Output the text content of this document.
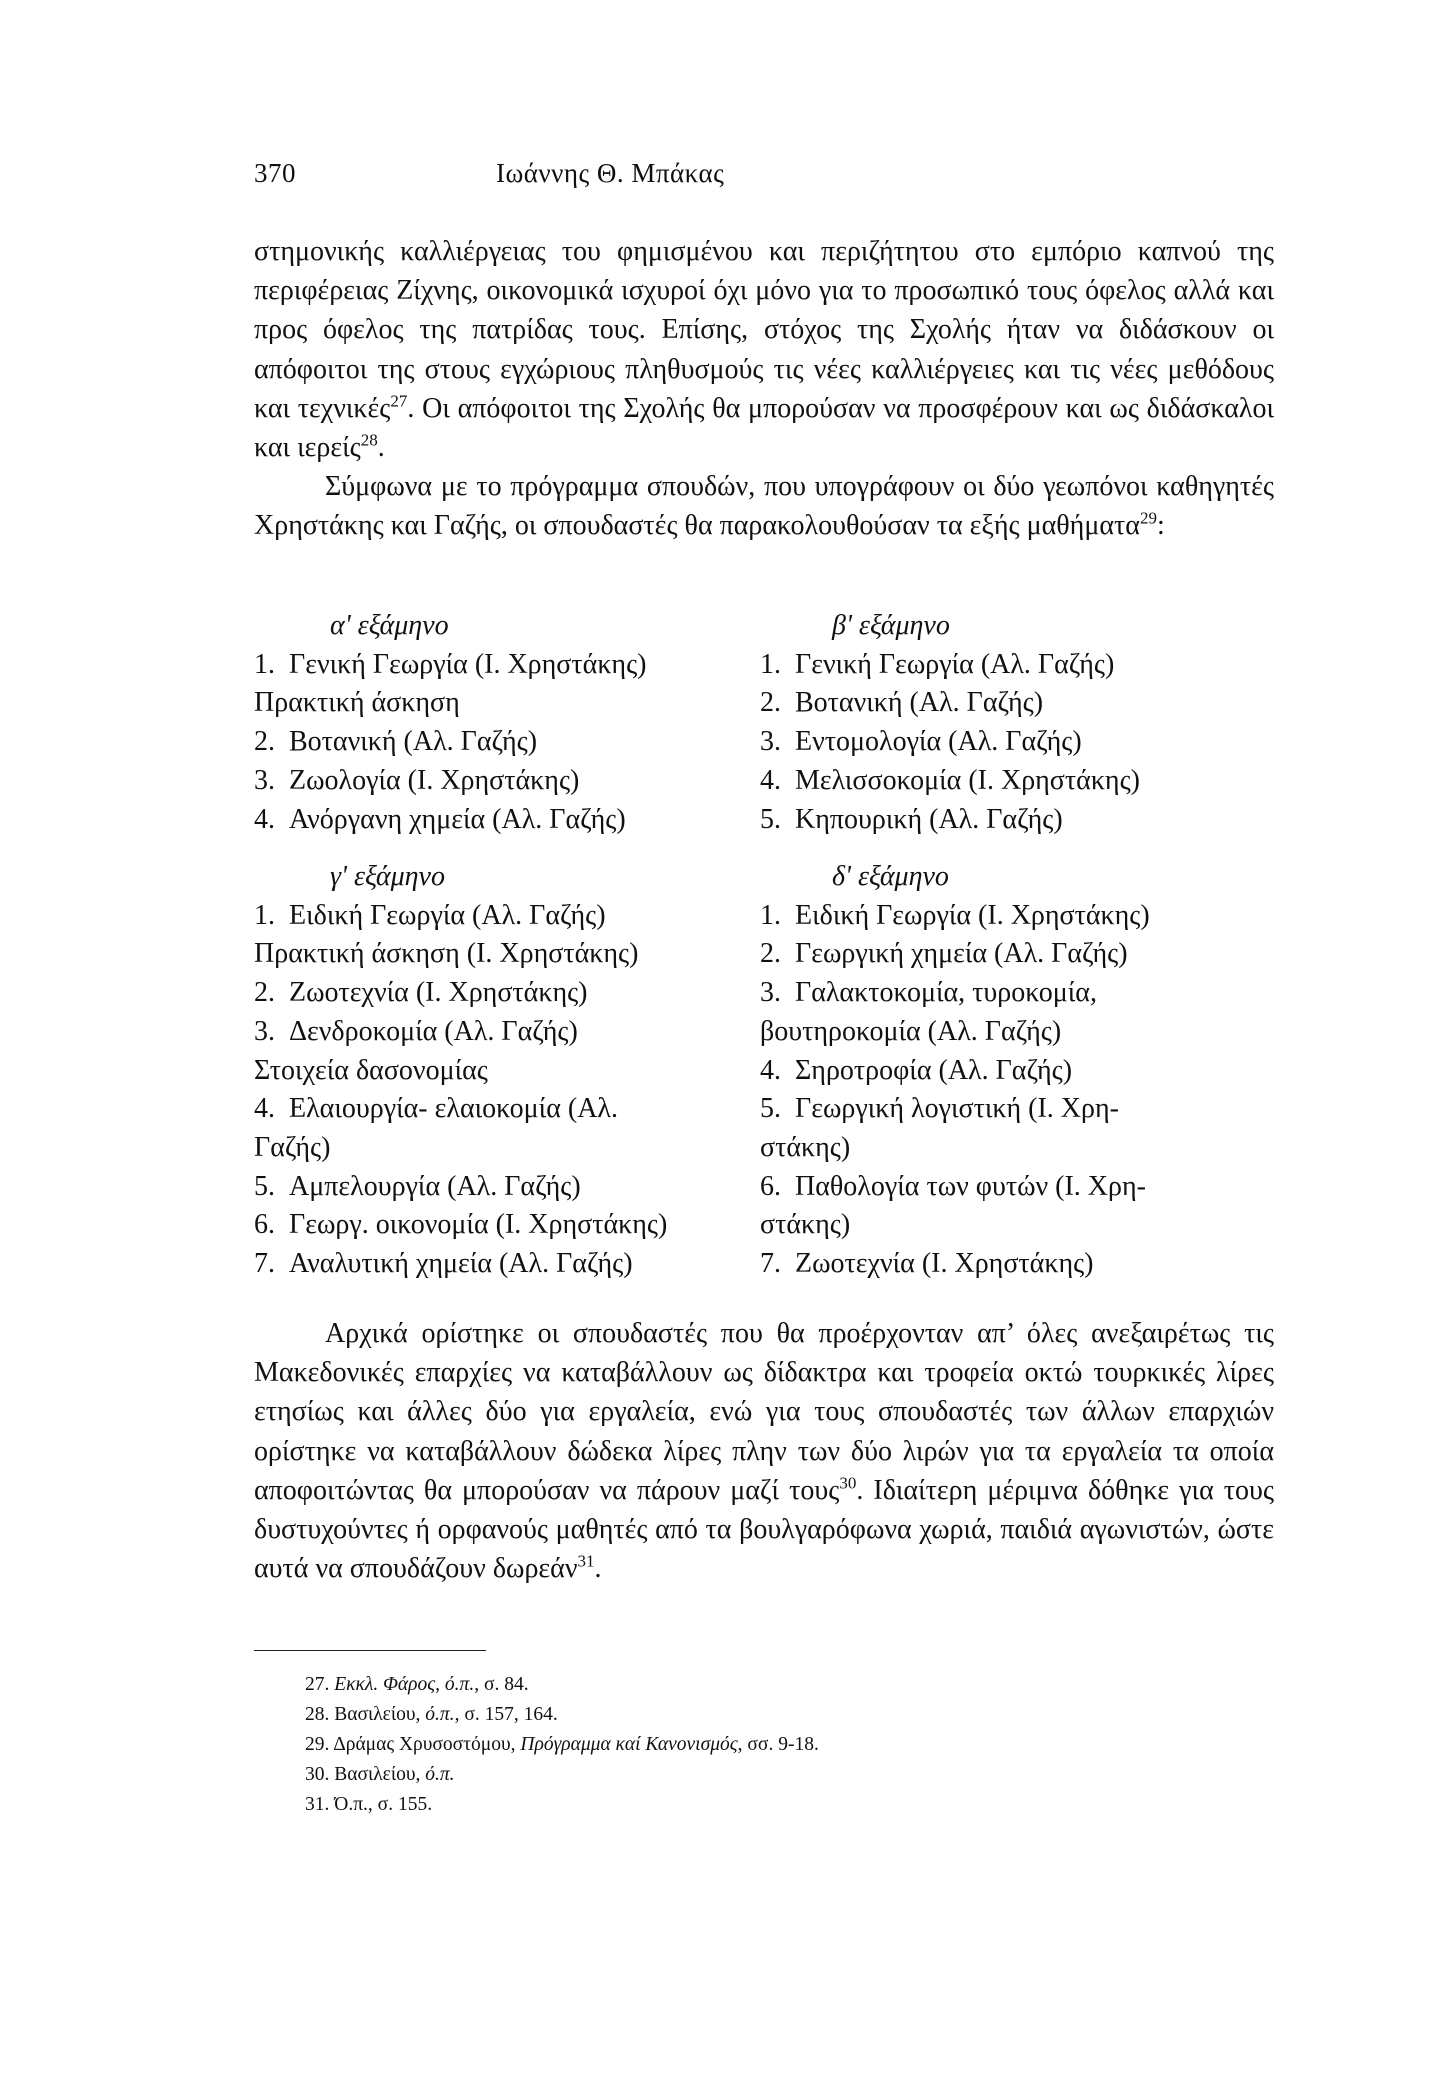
370	Ιωάννης Θ. Μπάκας

στημονικής καλλιέργειας του φημισμένου και περιζήτητου στο εμπόριο καπνού της περιφέρειας Ζίχνης, οικονομικά ισχυροί όχι μόνο για το προσωπικό τους όφελος αλλά και προς όφελος της πατρίδας τους. Επίσης, στόχος της Σχολής ήταν να διδάσκουν οι απόφοιτοι της στους εγχώριους πληθυσμούς τις νέες καλλιέργειες και τις νέες μεθόδους και τεχνικές$^{27}$. Οι απόφοιτοι της Σχολής θα μπορούσαν να προσφέρουν και ως διδάσκαλοι και ιερείς$^{28}$.

Σύμφωνα με το πρόγραμμα σπουδών, που υπογράφουν οι δύο γεωπόνοι καθηγητές Χρηστάκης και Γαζής, οι σπουδαστές θα παρακολουθούσαν τα εξής μαθήματα$^{29}$:

α' εξάμηνο
1. Γενική Γεωργία (Ι. Χρηστάκης)
Πρακτική άσκηση
2. Βοτανική (Αλ. Γαζής)
3. Ζωολογία (Ι. Χρηστάκης)
4. Ανόργανη χημεία (Αλ. Γαζής)
β' εξάμηνο
1. Γενική Γεωργία (Αλ. Γαζής)
2. Βοτανική (Αλ. Γαζής)
3. Εντομολογία (Αλ. Γαζής)
4. Μελισσοκομία (Ι. Χρηστάκης)
5. Κηπουρική (Αλ. Γαζής)
γ' εξάμηνο
1. Ειδική Γεωργία (Αλ. Γαζής)
Πρακτική άσκηση (Ι. Χρηστάκης)
2. Ζωοτεχνία (Ι. Χρηστάκης)
3. Δενδροκομία (Αλ. Γαζής)
Στοιχεία δασονομίας
4. Ελαιουργία- ελαιοκομία (Αλ.
Γαζής)
5. Αμπελουργία (Αλ. Γαζής)
6. Γεωργ. οικονομία (Ι. Χρηστάκης)
7. Αναλυτική χημεία (Αλ. Γαζής)
δ' εξάμηνο
1. Ειδική Γεωργία (Ι. Χρηστάκης)
2. Γεωργική χημεία (Αλ. Γαζής)
3. Γαλακτοκομία, τυροκομία,
βουτηροκομία (Αλ. Γαζής)
4. Σηροτροφία (Αλ. Γαζής)
5. Γεωργική λογιστική (Ι. Χρη-
στάκης)
6. Παθολογία των φυτών (Ι. Χρη-
στάκης)
7. Ζωοτεχνία (Ι. Χρηστάκης)

Αρχικά ορίστηκε οι σπουδαστές που θα προέρχονταν απ’ όλες ανεξαιρέτως τις Μακεδονικές επαρχίες να καταβάλλουν ως δίδακτρα και τροφεία οκτώ τουρκικές λίρες ετησίως και άλλες δύο για εργαλεία, ενώ για τους σπουδαστές των άλλων επαρχιών ορίστηκε να καταβάλλουν δώδεκα λίρες πλην των δύο λιρών για τα εργαλεία τα οποία αποφοιτώντας θα μπορούσαν να πάρουν μαζί τους$^{30}$. Ιδιαίτερη μέριμνα δόθηκε για τους δυστυχούντες ή ορφανούς μαθητές από τα βουλγαρόφωνα χωριά, παιδιά αγωνιστών, ώστε αυτά να σπουδάζουν δωρεάν$^{31}$.

27. Εκκλ. Φάρος, ό.π., σ. 84.
28. Βασιλείου, ό.π., σ. 157, 164.
29. Δράμας Χρυσοστόμου, Πρόγραμμα καί Κανονισμός, σσ. 9-18.
30. Βασιλείου, ό.π.
31. Ό.π., σ. 155.
